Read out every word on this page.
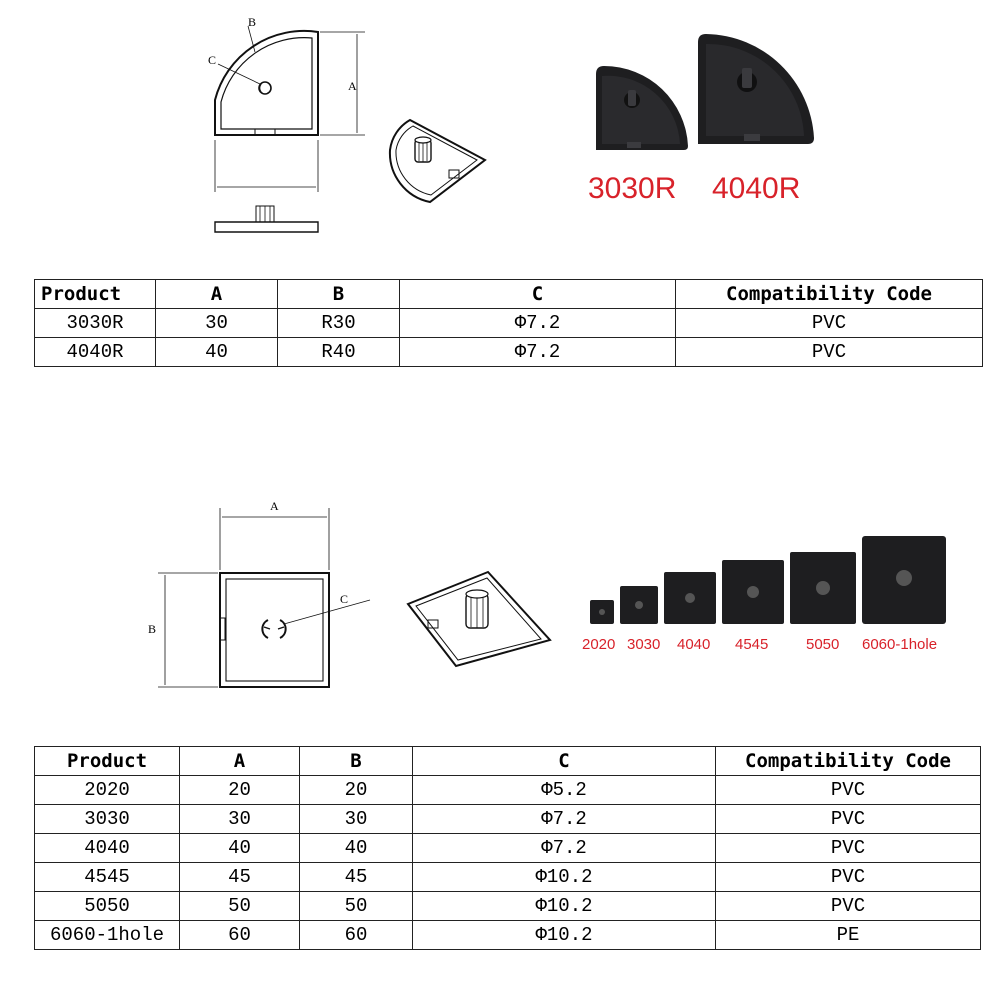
A
B
C
3030R 4040R
Product	A	B	C	Compatibility Code
3030R	30	R30	Φ7.2	PVC
4040R	40	R40	Φ7.2	PVC
A
B
C
2020 3030 4040 4545	5050 6060-1hole
Product	A	B	C	Compatibility Code
2020	20	20	Φ5.2	PVC
3030	30	30	Φ7.2	PVC
4040	40	40	Φ7.2	PVC
4545	45	45	Φ10.2	PVC
5050	50	50	Φ10.2	PVC
6060-1hole	60	60	Φ10.2	PE
